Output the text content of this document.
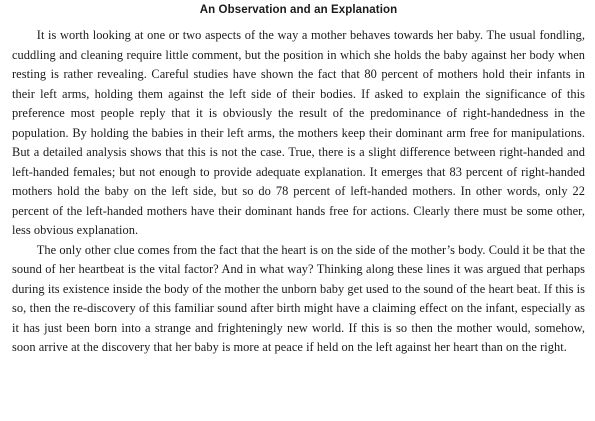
An Observation and an Explanation

It is worth looking at one or two aspects of the way a mother behaves towards her baby. The usual fondling, cuddling and cleaning require little comment, but the position in which she holds the baby against her body when resting is rather revealing. Careful studies have shown the fact that 80 percent of mothers hold their infants in their left arms, holding them against the left side of their bodies. If asked to explain the significance of this preference most people reply that it is obviously the result of the predominance of right-handedness in the population. By holding the babies in their left arms, the mothers keep their dominant arm free for manipulations. But a detailed analysis shows that this is not the case. True, there is a slight difference between right-handed and left-handed females; but not enough to provide adequate explanation. It emerges that 83 percent of right-handed mothers hold the baby on the left side, but so do 78 percent of left-handed mothers. In other words, only 22 percent of the left-handed mothers have their dominant hands free for actions. Clearly there must be some other, less obvious explanation.

The only other clue comes from the fact that the heart is on the side of the mother’s body. Could it be that the sound of her heartbeat is the vital factor? And in what way? Thinking along these lines it was argued that perhaps during its existence inside the body of the mother the unborn baby get used to the sound of the heart beat. If this is so, then the re-discovery of this familiar sound after birth might have a claiming effect on the infant, especially as it has just been born into a strange and frighteningly new world. If this is so then the mother would, somehow, soon arrive at the discovery that her baby is more at peace if held on the left against her heart than on the right.
